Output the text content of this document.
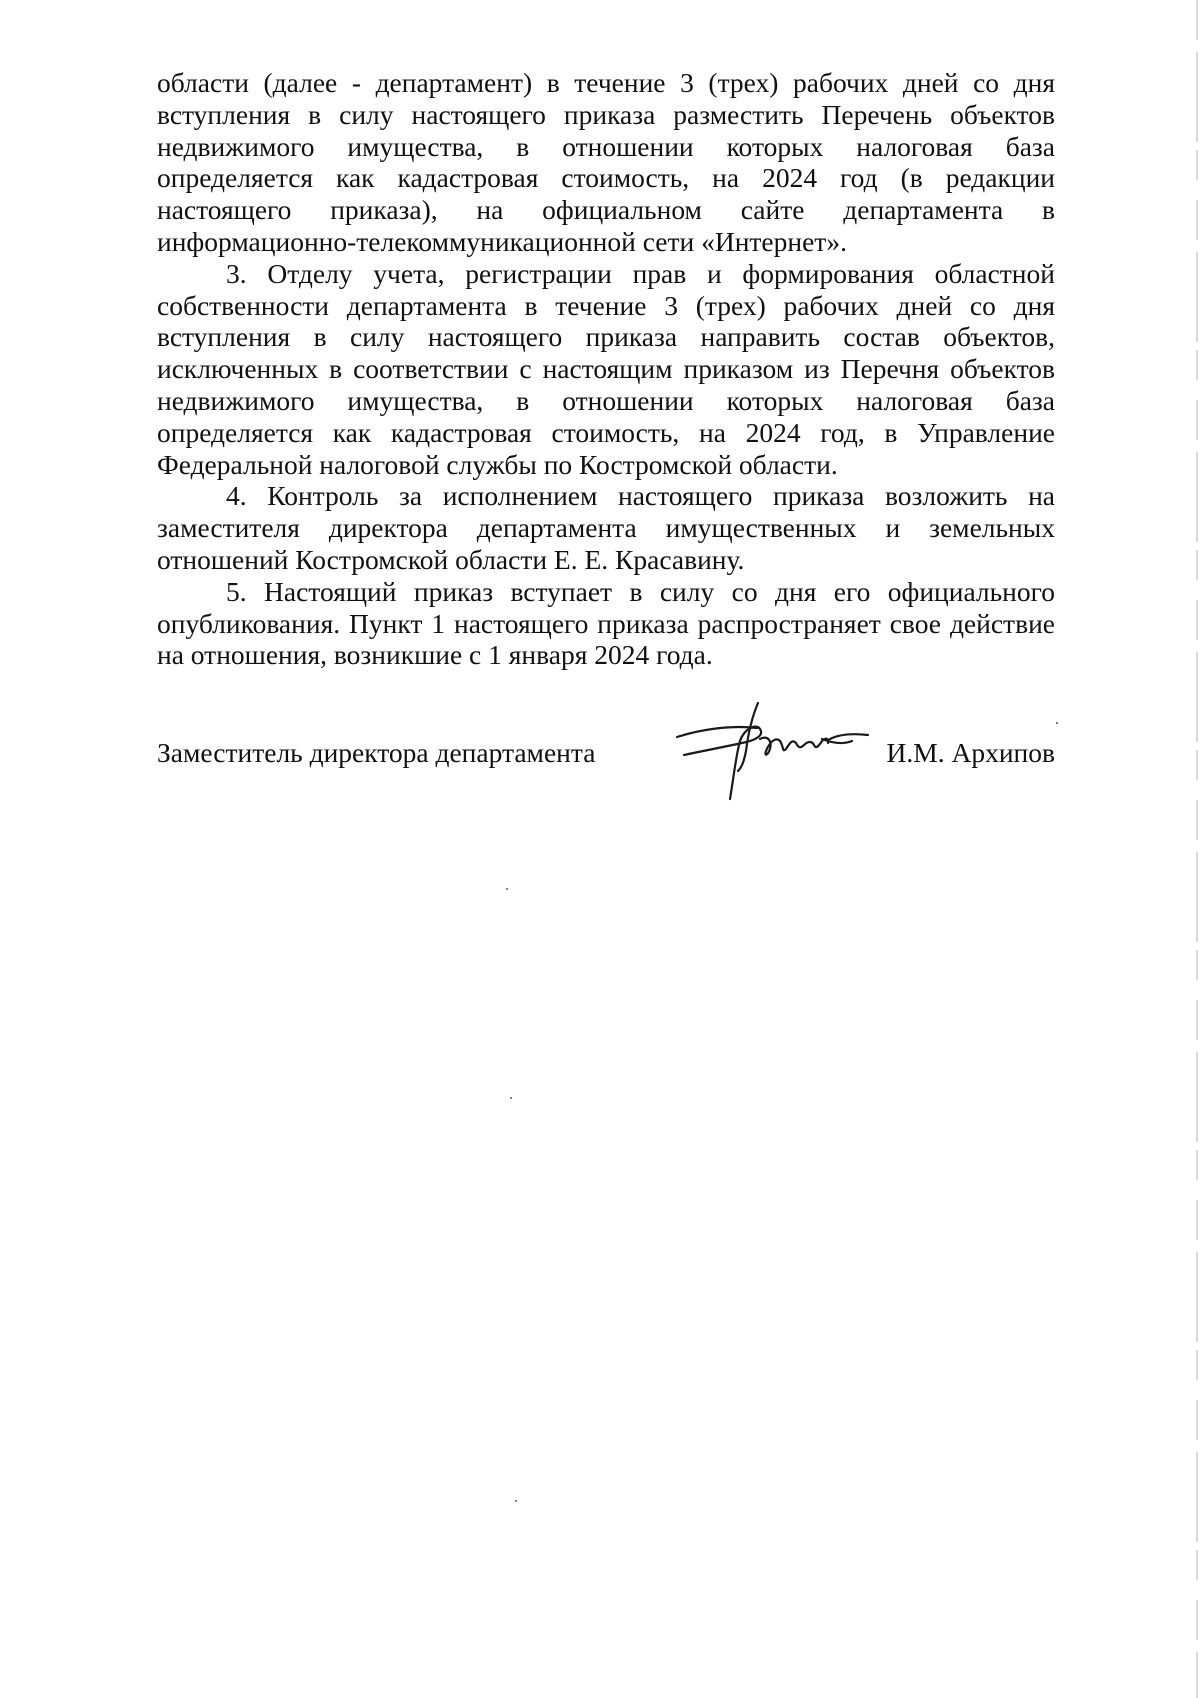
области (далее - департамент) в течение 3 (трех) рабочих дней со дня вступления в силу настоящего приказа разместить Перечень объектов недвижимого имущества, в отношении которых налоговая база определяется как кадастровая стоимость, на 2024 год (в редакции настоящего приказа), на официальном сайте департамента в информационно-телекоммуникационной сети «Интернет».

3. Отделу учета, регистрации прав и формирования областной собственности департамента в течение 3 (трех) рабочих дней со дня вступления в силу настоящего приказа направить состав объектов, исключенных в соответствии с настоящим приказом из Перечня объектов недвижимого имущества, в отношении которых налоговая база определяется как кадастровая стоимость, на 2024 год, в Управление Федеральной налоговой службы по Костромской области.

4. Контроль за исполнением настоящего приказа возложить на заместителя директора департамента имущественных и земельных отношений Костромской области Е. Е. Красавину.

5. Настоящий приказ вступает в силу со дня его официального опубликования. Пункт 1 настоящего приказа распространяет свое действие на отношения, возникшие с 1 января 2024 года.

Заместитель директора департамента	И.М. Архипов
